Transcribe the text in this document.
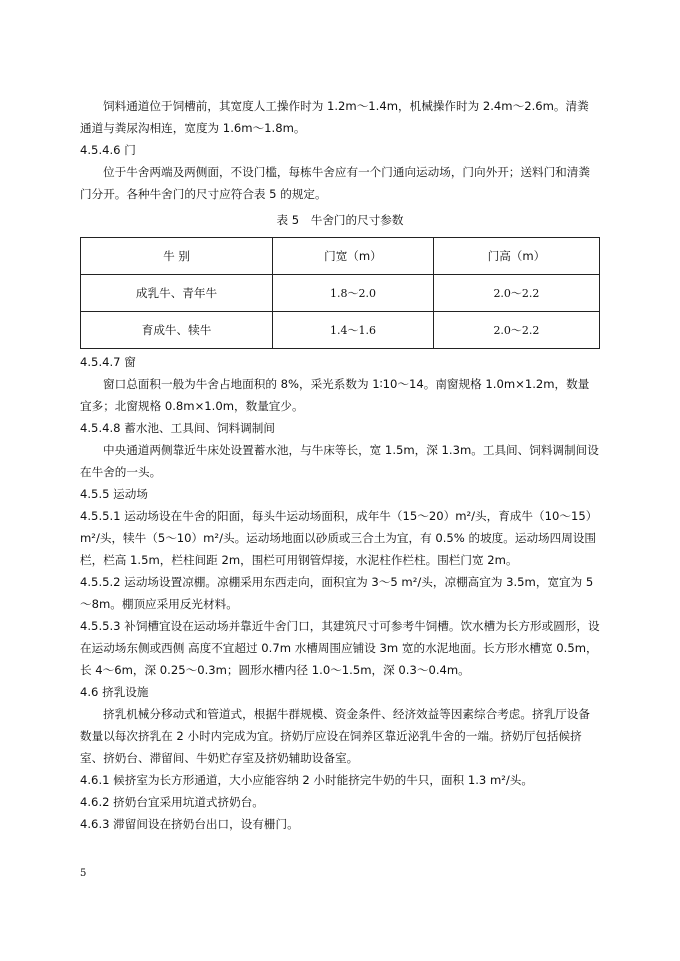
饲料通道位于饲槽前，其宽度人工操作时为 1.2m～1.4m，机械操作时为 2.4m～2.6m。清粪通道与粪尿沟相连，宽度为 1.6m～1.8m。

4.5.4.6 门

位于牛舍两端及两侧面，不设门槛，每栋牛舍应有一个门通向运动场，门向外开；送料门和清粪门分开。各种牛舍门的尺寸应符合表 5 的规定。

表 5　牛舍门的尺寸参数
牛 别	门宽（m）	门高（m）
成乳牛、青年牛	1.8～2.0	2.0～2.2
育成牛、犊牛	1.4～1.6	2.0～2.2

4.5.4.7 窗

窗口总面积一般为牛舍占地面积的 8%，采光系数为 1∶10～14。南窗规格 1.0m×1.2m，数量宜多；北窗规格 0.8m×1.0m，数量宜少。

4.5.4.8 蓄水池、工具间、饲料调制间

中央通道两侧靠近牛床处设置蓄水池，与牛床等长，宽 1.5m，深 1.3m。工具间、饲料调制间设在牛舍的一头。

4.5.5 运动场

4.5.5.1 运动场设在牛舍的阳面，每头牛运动场面积，成年牛（15～20）m²/头，育成牛（10～15）m²/头，犊牛（5～10）m²/头。运动场地面以砂质或三合土为宜，有 0.5% 的坡度。运动场四周设围栏，栏高 1.5m，栏柱间距 2m，围栏可用钢管焊接，水泥柱作栏柱。围栏门宽 2m。

4.5.5.2 运动场设置凉棚。凉棚采用东西走向，面积宜为 3～5 m²/头，凉棚高宜为 3.5m，宽宜为 5～8m。棚顶应采用反光材料。

4.5.5.3 补饲槽宜设在运动场并靠近牛舍门口，其建筑尺寸可参考牛饲槽。饮水槽为长方形或圆形，设在运动场东侧或西侧 高度不宜超过 0.7m 水槽周围应铺设 3m 宽的水泥地面。长方形水槽宽 0.5m，长 4～6m，深 0.25～0.3m；圆形水槽内径 1.0～1.5m，深 0.3～0.4m。

4.6 挤乳设施

挤乳机械分移动式和管道式，根据牛群规模、资金条件、经济效益等因素综合考虑。挤乳厅设备数量以每次挤乳在 2 小时内完成为宜。挤奶厅应设在饲养区靠近泌乳牛舍的一端。挤奶厅包括候挤室、挤奶台、滞留间、牛奶贮存室及挤奶辅助设备室。

4.6.1 候挤室为长方形通道，大小应能容纳 2 小时能挤完牛奶的牛只，面积 1.3 m²/头。

4.6.2 挤奶台宜采用坑道式挤奶台。

4.6.3 滞留间设在挤奶台出口，设有栅门。

5
